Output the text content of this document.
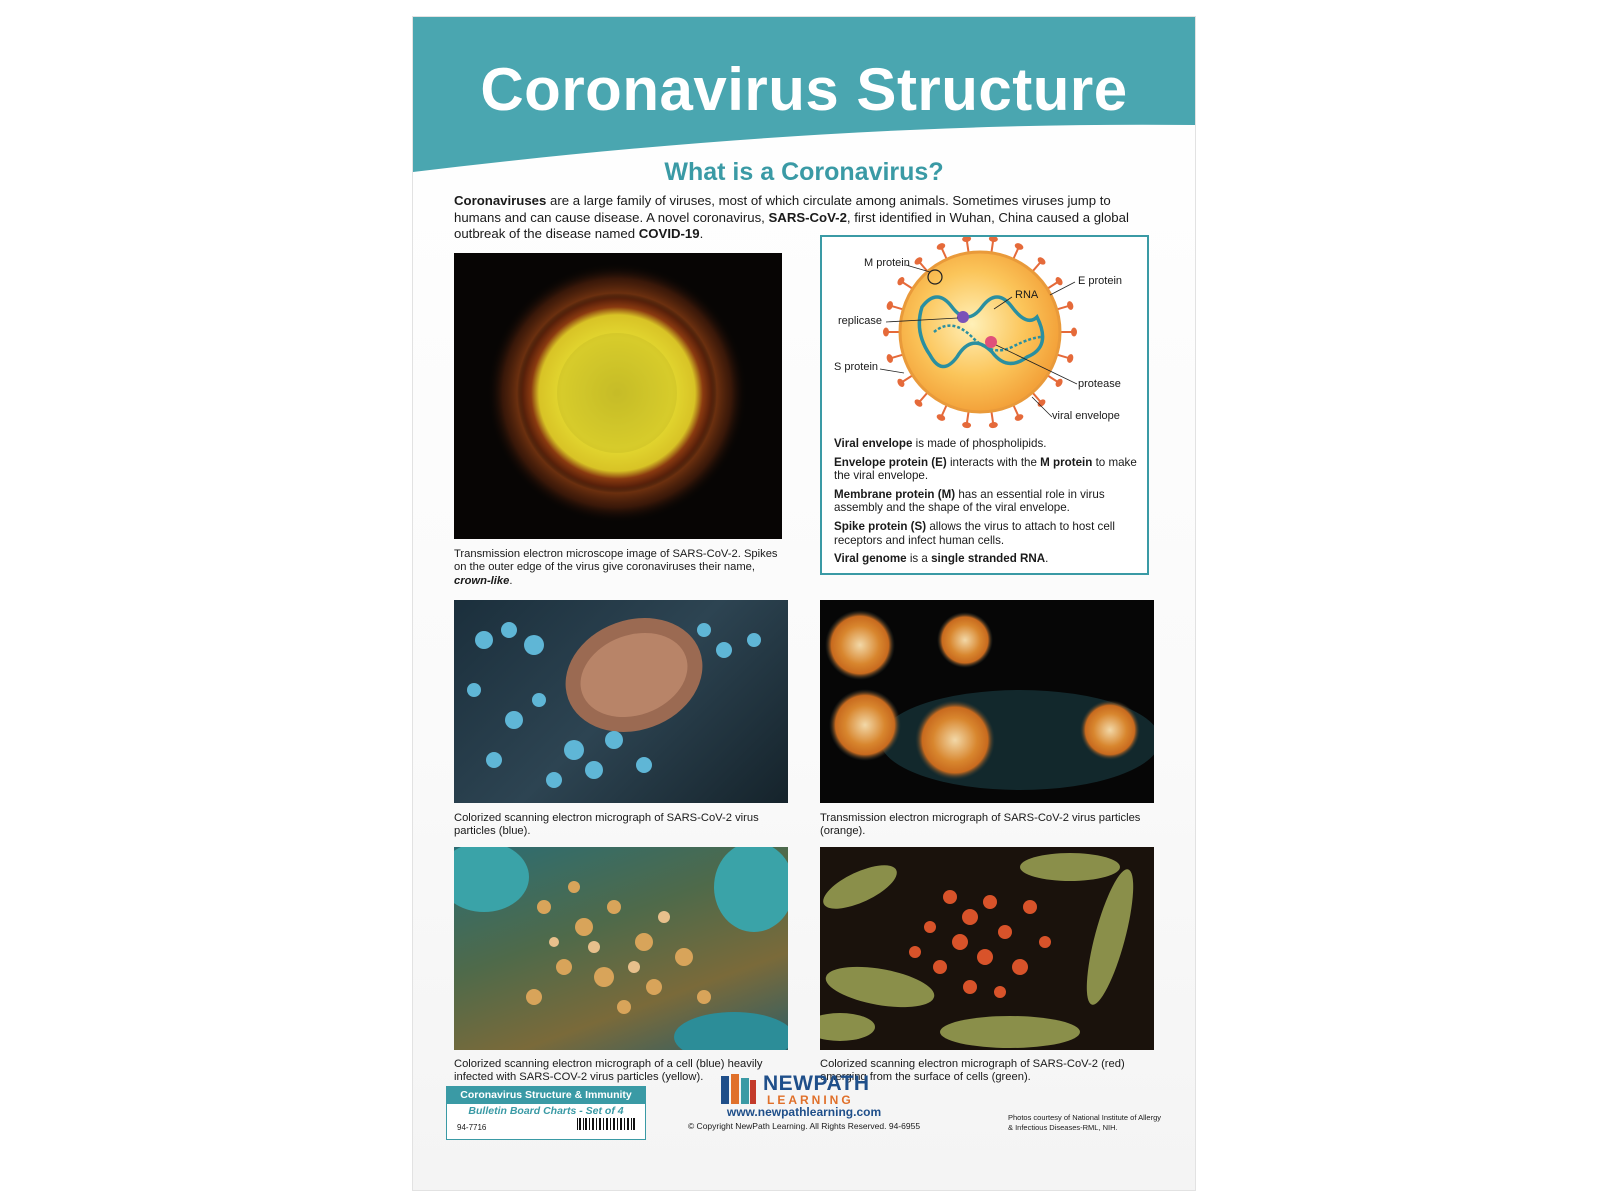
Coronavirus Structure
What is a Coronavirus?
Coronaviruses are a large family of viruses, most of which circulate among animals. Sometimes viruses jump to humans and can cause disease. A novel coronavirus, SARS-CoV-2, first identified in Wuhan, China caused a global outbreak of the disease named COVID-19.
Transmission electron microscope image of SARS-CoV-2. Spikes on the outer edge of the virus give coronaviruses their name, crown-like.
M protein
E protein
RNA
replicase
S protein
protease
viral envelope

Viral envelope is made of phospholipids.

Envelope protein (E) interacts with the M protein to make the viral envelope.

Membrane protein (M) has an essential role in virus assembly and the shape of the viral envelope.

Spike protein (S) allows the virus to attach to host cell receptors and infect human cells.

Viral genome is a single stranded RNA.

Colorized scanning electron micrograph of SARS-CoV-2 virus particles (blue).
Transmission electron micrograph of SARS-CoV-2 virus particles (orange).
Colorized scanning electron micrograph of a cell (blue) heavily infected with SARS-COV-2 virus particles (yellow).
Colorized scanning electron micrograph of SARS-CoV-2 (red) emerging from the surface of cells (green).
Coronavirus Structure & Immunity
Bulletin Board Charts - Set of 4
94-7716
NEWPATH
LEARNING
www.newpathlearning.com
© Copyright NewPath Learning. All Rights Reserved. 94-6955
Photos courtesy of National Institute of Allergy & Infectious Diseases-RML, NIH.
